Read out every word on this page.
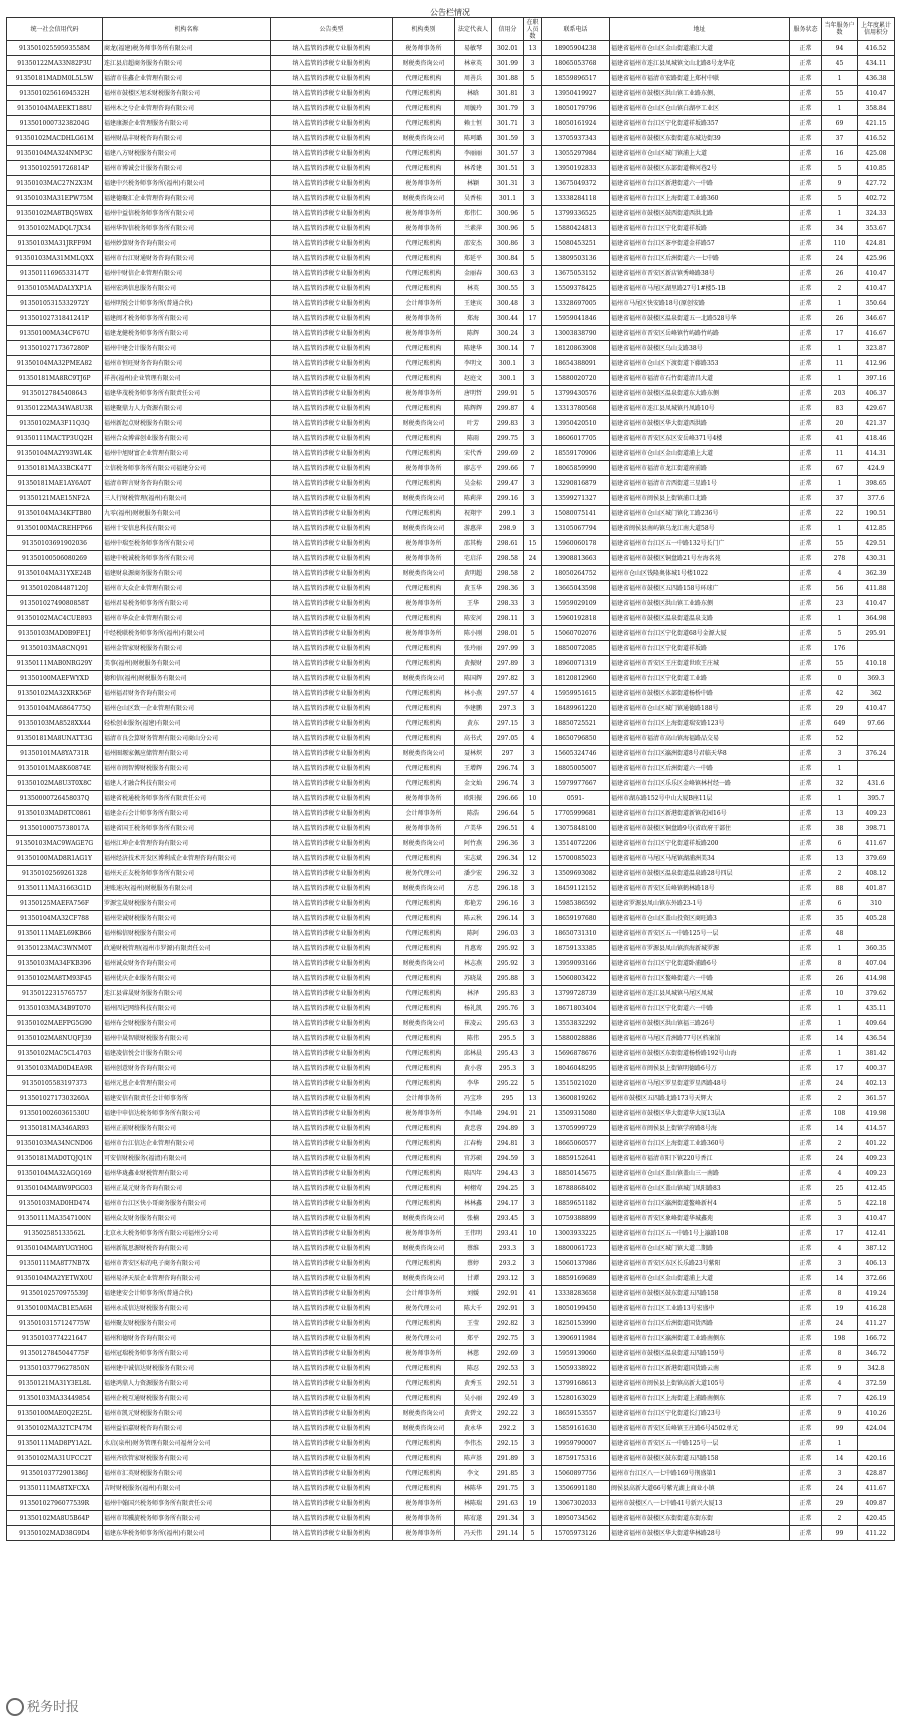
公告栏情况
统一社会信用代码	机构名称	公告类型	机构类别	法定代表人	信用分	在职人员数	联系电话	地址	服务状态	当年服务户数	上年度累计信用积分
91350102559593558M	商龙(福建)税务师事务所有限公司	纳入监管的涉税专业服务机构	税务师事务所	易敏琴	302.01	13	18905904238	福建省福州市仓山区金山街道浦江大道	正常	94	416.52
91350122MA33N82P3U	连江县启超商务服务有限公司	纳入监管的涉税专业服务机构	财税类咨询公司	林章英	301.99	3	18065053768	福建省福州市连江县凤城镇文山北路8号龙华花	正常	45	434.11
91350181MADM0L5L5W	福清市佳鑫企业管理有限公司	纳入监管的涉税专业服务机构	代理记账机构	周善兵	301.88	5	18559896517	福建省福州市福清市宏路街道上郑村中联	正常	1	436.38
91350102561694532H	福州市鼓楼区旭禾财税服务有限公司	纳入监管的涉税专业服务机构	代理记账机构	林晗	301.81	3	13950419927	福建省福州市鼓楼区洪山镇工业路东侧、	正常	55	410.47
91350104MAEEKT188U	福州木之兮企业管理咨询有限公司	纳入监管的涉税专业服务机构	代理记账机构	周毓玲	301.79	3	18050179796	福建省福州市仓山区仓山镇白湖亭工业区	正常	1	358.84
91350100073238204G	福建康源企业管理服务有限公司	纳入监管的涉税专业服务机构	代理记账机构	赖士恒	301.71	3	18050161924	福建省福州市台江区宁化街道祥坂路357	正常	69	421.15
91350102MACDHLG61M	福州财晶丰财税咨询有限公司	纳入监管的涉税专业服务机构	财税类咨询公司	陈珂璐	301.59	3	13705937343	福建省福州市鼓楼区东街街道东城边街39	正常	37	416.52
91350104MA324NMP3C	福建八方财税服务有限公司	纳入监管的涉税专业服务机构	代理记账机构	李丽丽	301.57	3	13055297984	福建省福州市仓山区城门镇浦上大道	正常	16	425.08
91350102591726814P	福州市博诚会计服务有限公司	纳入监管的涉税专业服务机构	代理记账机构	林希建	301.51	3	13950192833	福建省福州市鼓楼区东部街道柳河巷2号	正常	5	410.85
91350103MAC27N2X3M	福建中兴税务师事务所(福州)有限公司	纳入监管的涉税专业服务机构	税务师事务所	林颖	301.31	3	13675049372	福建省福州市台江区新港街道六一中路	正常	9	427.72
91350103MA31EPW75M	福建德聚汇企业管理咨询有限公司	纳入监管的涉税专业服务机构	财税类咨询公司	吴香桂	301.1	3	13338284118	福建省福州市台江区上海街道工业路360	正常	5	402.72
91350102MA8TBQ5W8X	福州中益信税务师事务所有限公司	纳入监管的涉税专业服务机构	税务师事务所	郑伟仁	300.96	5	13799336525	福建省福州市鼓楼区鼓西街道西洪北路	正常	1	324.33
91350102MADQL7JX34	福州华智信税务师事务所有限公司	纳入监管的涉税专业服务机构	税务师事务所	兰素萍	300.96	5	15880424813	福建省福州市台江区宁化街道祥坂路	正常	34	353.67
91350103MA31JRFF9M	福州妙算财务咨询有限公司	纳入监管的涉税专业服务机构	代理记账机构	邵安杰	300.86	3	15080453251	福建省福州市台江区茶亭街道金祥路57	正常	110	424.81
91350103MA31MMLQXX	福州市台江财通财务咨询有限公司	纳入监管的涉税专业服务机构	代理记账机构	郑延平	300.84	5	13809503136	福建省福州市台江区后洲街道六一七中路	正常	24	425.96
91350111696533147T	福州中财信企业管理有限公司	纳入监管的涉税专业服务机构	代理记账机构	金丽春	300.63	3	13675053152	福建省福州市晋安区新店镇秀峰路38号	正常	26	410.47
91350105MADALYXP1A	福州宏鸿信息服务有限公司	纳入监管的涉税专业服务机构	代理记账机构	林英	300.55	3	15509378425	福建省福州市马尾区湖里路27号1#楼5-1B	正常	2	410.47
91350105315332972Y	福州明锐会计师事务所(普通合伙)	纳入监管的涉税专业服务机构	会计师事务所	王建宾	300.48	3	13328697005	福州市马尾区快安路18号(原创安路	正常	1	350.64
91350102731841241P	福建闽才税务师事务所有限公司	纳入监管的涉税专业服务机构	税务师事务所	郑海	300.44	17	15959041846	福建省福州市鼓楼区温泉街道五一北路528号华	正常	26	346.67
91350100MA34CF67U	福建龙健税务师事务所有限公司	纳入监管的涉税专业服务机构	税务师事务所	陈辉	300.24	3	13003838790	福建省福州市晋安区岳峰镇竹屿路竹屿路	正常	17	416.67
91350102717367280P	福州中建会计服务有限公司	纳入监管的涉税专业服务机构	代理记账机构	陈建华	300.14	7	18120863908	福建省福州市鼓楼区乌山支路38号	正常	1	323.87
91350104MA32PMEA82	福州市恒旺财务咨询有限公司	纳入监管的涉税专业服务机构	代理记账机构	李明文	300.1	3	18654388091	福建省福州市仓山区下渡街道下藤路353	正常	11	412.96
91350181MA8RC9TJ6P	祥善(福州)企业管理有限公司	纳入监管的涉税专业服务机构	代理记账机构	赵庭文	300.1	3	15880020720	福建省福州市福清市石竹街道清昌大道	正常	1	397.16
91350127845408643	福建华茂税务师事务所有限责任公司	纳入监管的涉税专业服务机构	税务师事务所	唐明哲	299.91	5	13799430576	福建省福州市鼓楼区温泉街道东大路东侧	正常	203	406.37
91350122MA34WA8U3R	福建聚鼎力人力资源有限公司	纳入监管的涉税专业服务机构	代理记账机构	陈辉辉	299.87	4	13313780568	福建省福州市连江县凤城镇丹凤路10号	正常	83	429.67
91350102MA3F11Q3Q	福州新起点财税服务有限公司	纳入监管的涉税专业服务机构	财税类咨询公司	叶芳	299.83	3	13950420510	福建省福州市鼓楼区华大街道西洪路	正常	20	421.37
91350111MACTP3UQ2H	福州合众博睿创业服务有限公司	纳入监管的涉税专业服务机构	代理记账机构	陈雨	299.75	3	18606017705	福建省福州市晋安区东区安岳峰371号4楼	正常	41	418.46
91350104MA2Y93WL4K	福州中旭财富企业管理有限公司	纳入监管的涉税专业服务机构	代理记账机构	宋代香	299.69	2	18559170906	福建省福州市仓山区金山街道浦上大道	正常	11	414.31
91350181MA33BCK47T	立信税务师事务所有限公司福建分公司	纳入监管的涉税专业服务机构	税务师事务所	廖志平	299.66	7	18065859990	福建省福州市福清市龙江街道府前路	正常	67	424.9
91350181MAE1AY6A0T	福清市晖言财务咨询有限公司	纳入监管的涉税专业服务机构	代理记账机构	吴金标	299.47	3	13290816879	福建省福州市福清市音西街道三星路1号	正常	1	398.65
91350121MAE15NF2A	三人行财税管理(福州)有限公司	纳入监管的涉税专业服务机构	财税类咨询公司	陈莉萍	299.16	3	13599271327	福建省福州市闽侯县上街镇浦口北路	正常	37	377.6
91350104MA34KFTB80	九零(福州)财税服务有限公司	纳入监管的涉税专业服务机构	代理记账机构	祝翔宇	299.1	3	15080075141	福建省福州市仓山区城门镇化工路236号	正常	22	190.51
91350100MACREHFP66	福州十安信息科技有限公司	纳入监管的涉税专业服务机构	财税类咨询公司	游惠萍	298.9	3	13105067794	福建省闽侯县南屿镇乌龙江南大道58号	正常	1	412.85
91350103691902036	福州中瑞至税务师事务所有限公司	纳入监管的涉税专业服务机构	税务师事务所	邵其梅	298.61	15	15960060178	福建省福州市台江区五一中路132号长门广	正常	55	429.51
91350100506080269	福建中税诚税务师事务所有限公司	纳入监管的涉税专业服务机构	税务师事务所	宅启洋	298.58	24	13908813663	福建省福州市鼓楼区铜盘路21号左海名苑	正常	278	430.31
91350104MA31YXE24B	福建财泉源商务服务有限公司	纳入监管的涉税专业服务机构	财税类咨询公司	黄明超	298.58	2	18050264752	福州市仓山区钱隆奥体城1号楼1022	正常	4	362.39
91350102084487120J	福州市大众企业管理有限公司	纳入监管的涉税专业服务机构	代理记账机构	黄玉华	298.36	3	13665043598	福建省福州市鼓楼区五四路158号环球广	正常	56	411.88
91350102749080858T	福州君易税务师事务所有限公司	纳入监管的涉税专业服务机构	税务师事务所	王华	298.33	3	15959029109	福建省福州市鼓楼区洪山镇工业路东侧	正常	23	410.47
91350102MAC4CUE893	福州市华众企业管理有限公司	纳入监管的涉税专业服务机构	代理记账机构	陈安河	298.11	3	15960192818	福建省福州市鼓楼区温泉街道温泉支路	正常	1	364.98
91350103MAD0B9FE1J	中经税联税务师事务所(福州)有限公司	纳入监管的涉税专业服务机构	税务师事务所	陈小刚	298.01	5	15060702076	福建省福州市台江区宁化街道68号金源大厦	正常	5	295.91
91350103MA8CNQ91	福州金管家财税服务有限公司	纳入监管的涉税专业服务机构	代理记账机构	张玲丽	297.99	3	18850072085	福建省福州市台江区宁化街道祥坂路	正常	176	
91350111MAB0NRG29Y	美事(福州)财税服务有限公司	纳入监管的涉税专业服务机构	代理记账机构	黄振财	297.89	3	18960071319	福建省福州市晋安区王庄街道世欧王庄城	正常	55	410.18
91350100MAEFWYXD	德和信(福州)财税服务有限公司	纳入监管的涉税专业服务机构	财税类咨询公司	陈国辉	297.82	3	18120812960	福建省福州市台江区宁化街道工业路	正常	0	369.3
91350102MA32XRK56F	福州福君财务咨询有限公司	纳入监管的涉税专业服务机构	代理记账机构	林小燕	297.57	4	15959951615	福建省福州市鼓楼区水部街道杨桥中路	正常	42	362
91350104MA6864775Q	福州仓山区致一企业管理有限公司	纳入监管的涉税专业服务机构	代理记账机构	李建鹏	297.3	3	18489961220	福建省福州市仓山区城门镇通德路188号	正常	29	410.47
91350103MA8528XX44	轻松创业服务(福建)有限公司	纳入监管的涉税专业服务机构	代理记账机构	黄东	297.15	3	18850725521	福建省福州市台江区上海街道瑞安路123号	正常	649	97.66
91350181MA8UNATT3G	福清市良会算财务管理有限公司商山分公司	纳入监管的涉税专业服务机构	代理记账机构	高书式	297.05	4	18650796850	福建省福州市福清市高山镇海福路品交易	正常	52	
91350101MA8YA731R	福州圈塬家佩应储管理有限公司	纳入监管的涉税专业服务机构	财税类咨询公司	聂林炽	297	3	15605324746	福建省福州市台江区瀛洲街道8号君临天华8	正常	3	376.24
91350101MA8K60874E	福州市闽智博财税服务有限公司	纳入监管的涉税专业服务机构	代理记账机构	王增辉	296.74	3	18805005007	福建省福州市台江区后洲街道六一中路	正常	1	
91350102MA8U3T0X8C	福建人才融合科技有限公司	纳入监管的涉税专业服务机构	代理记账机构	金文灿	296.74	3	15979977667	福建省福州市台江区乐乐区金峰镇林村经一路	正常	32	431.6
91350000726458037Q	福建省税通税务师事务所有限责任公司	纳入监管的涉税专业服务机构	税务师事务所	欧阳振	296.66	10	0591-	福州市湖东路152号中山大厦B座11层	正常	1	395.7
91350103MAD8TC0861	福建金石会计师事务所有限公司	纳入监管的涉税专业服务机构	会计师事务所	陈浩	296.64	5	17705999681	福建省福州市台江区新港街道新镇花园16号	正常	13	409.23
91350100075738017A	福建省国王税务师事务所有限公司	纳入监管的涉税专业服务机构	税务师事务所	卢美华	296.51	4	13075848100	福建省福州市鼓楼区铜盘路9号(省政府干部住	正常	38	398.71
91350103MAC9WAGE7G	福州江坤企业管理咨询有限公司	纳入监管的涉税专业服务机构	财税类咨询公司	阿竹燕	296.36	3	13514072206	福建省福州市台江区宁化街道祥坂路200	正常	6	411.67
91350100MAD8R1AG1Y	福州经济技术开发区博利成企业管理咨询有限公司	纳入监管的涉税专业服务机构	代理记账机构	宋志斌	296.34	12	15700085023	福建省福州市马尾区马尾镇湖浦洲美34	正常	13	379.69
91350102569261328	福州天正友税务师事务所有限公司	纳入监管的涉税专业服务机构	税务代理公司	潘少宏	296.32	3	13509693082	福建省福州市鼓楼区温泉街道温泉路28号四层	正常	2	408.12
91350111MA31663G1D	速账速决(福州)财税服务有限公司	纳入监管的涉税专业服务机构	财税类咨询公司	方忠	296.18	3	18459112152	福建省福州市晋安区岳峰镇鹤林路18号	正常	88	401.87
91350125MAEFA756F	罗源宝晟财税服务有限公司	纳入监管的涉税专业服务机构	代理记账机构	郑艳芳	296.16	3	15985386592	福建省罗源县凤山镇东外路23-1号	正常	6	310
91350104MA32CF788	福州荣诚财税服务有限公司	纳入监管的涉税专业服务机构	代理记账机构	陈云秋	296.14	3	18659197680	福建省福州市仓山区盖山投资区商旺路3	正常	35	405.28
91350111MAEL69KB66	福州棉信财税服务有限公司	纳入监管的涉税专业服务机构	代理记账机构	陈阿	296.03	3	18650731310	福建省福州市晋安区五一中路125号一层	正常	48	
91350123MAC3WNM0T	政通财税管理(福州市罗源)有限责任公司	纳入监管的涉税专业服务机构	代理记账机构	肖惠鸾	295.92	3	18759133385	福建省福州市罗源县凤山镇滨海新城罗源	正常	1	360.35
91350103MA34FKB396	福州诚众财务咨询有限公司	纳入监管的涉税专业服务机构	财税类咨询公司	林志燕	295.92	3	13959093166	福建省福州市台江区宁化街道卧浦路6号	正常	8	407.04
91350102MA8TM93F45	福州优庆企业服务有限公司	纳入监管的涉税专业服务机构	代理记账机构	苏晓晟	295.88	3	15060803422	福建省福州市台江区鳌峰街道六一中路	正常	26	414.98
91350122315765757	连江县睿晟财务服务有限公司	纳入监管的涉税专业服务机构	代理记账机构	林泽	295.83	3	13799728739	福建省福州市连江县风城镇马尾区凤城	正常	10	379.62
91350103MA34B9T070	福州四记网络科技有限公司	纳入监管的涉税专业服务机构	代理记账机构	杨礼凯	295.76	3	18671803404	福建省福州市台江区宁化街道六一中路	正常	1	435.11
91350102MAEFPG5G90	福州布会财税服务有限公司	纳入监管的涉税专业服务机构	财税类咨询公司	崔凌云	295.63	3	13553832292	福建省福州市鼓楼区洪山镇福三路26号	正常	1	409.64
91350102MA8NUQFJ39	福州中晟智联财税服务有限公司	纳入监管的涉税专业服务机构	代理记账机构	陈伟	295.5	3	15880028886	福建省福州市马尾区青洲路77号区档案馆	正常	14	436.54
91350102MAC5CL4703	福建凌信悦会计服务有限公司	纳入监管的涉税专业服务机构	代理记账机构	邱林晨	295.43	3	15696878676	福建省福州市鼓楼区东街街道杨桥路192号山海	正常	1	381.42
91350103MAD0D4EA9R	福州创意财务咨询有限公司	纳入监管的涉税专业服务机构	代理记账机构	黄小蓉	295.3	3	18046048295	福建省福州市闽侯县上街镇明德路6号万	正常	17	400.37
91350105583197373	福州元恩企业管理有限公司	纳入监管的涉税专业服务机构	代理记账机构	李华	295.22	5	13515021020	福建省福州市马尾区罗星街道罗星西路48号	正常	24	402.13
91350102717303260A	福建安信有限责任会计师事务所	纳入监管的涉税专业服务机构	会计师事务所	冯宝珍	295	13	13600819262	福州市鼓楼区五四路北路173号天辉大	正常	2	361.57
91350100260361530U	福建中申信达税务师事务所有限公司	纳入监管的涉税专业服务机构	税务师事务所	李昌峰	294.91	21	13509315080	福建省福州市鼓楼区华大街道华大厦13层A	正常	108	419.98
91350181MA346AR93	福州正前财税服务有限公司	纳入监管的涉税专业服务机构	代理记账机构	黄忠蓉	294.89	3	13705999729	福建省福州市闽侯县上街镇学府路8号海	正常	14	414.57
91350103MA34NCND06	福州市台江信达企业管理有限公司	纳入监管的涉税专业服务机构	代理记账机构	江春梅	294.81	3	18665060577	福建省福州市台江区上海街道工业路360号	正常	2	401.22
91350181MAD0TQJQ1N	可安信财税服务(福清)有限公司	纳入监管的涉税专业服务机构	代理记账机构	官苏硕	294.59	3	18859152641	福建省福州市福清市阳下镇220号香江	正常	24	409.23
91350104MA32AGQ169	福州华珑鑫业财税管理有限公司	纳入监管的涉税专业服务机构	代理记账机构	陈四年	294.43	3	18850145675	福建省福州市仓山区盖山镇盖山三一南路	正常	4	409.23
91350104MA8W9PGG03	福州正晟元财务咨询有限公司	纳入监管的涉税专业服务机构	代理记账机构	柯栩莺	294.25	3	18788868402	福建省福州市仓山区盖山镇城门凤阳路83	正常	25	412.45
91350103MAD0HD474	福州市台江区快小哥商务服务有限公司	纳入监管的涉税专业服务机构	代理记账机构	林林鑫	294.17	3	18859651182	福建省福州市台江区瀛洲街道鳌峰新村4	正常	5	422.18
91350111MA3547100N	福州众友财务服务有限公司	纳入监管的涉税专业服务机构	财税类咨询公司	张楠	293.45	3	10759388899	福建省福州市晋安区象峰街道华城鑫苑	正常	3	410.47
913502585133562L	北京永大税务师事务所有限公司福州分公司	纳入监管的涉税专业服务机构	税务师事务所	王伟明	293.41	10	13003933225	福建省福州市台江区五一中路1号上瀛路108	正常	17	412.41
91350104MA8YUGYH0G	福州新航思源财税咨询有限公司	纳入监管的涉税专业服务机构	财税类咨询公司	蔡维	293.3	3	18800061723	福建省福州市仓山区城门镇大道二期路	正常	4	387.12
91350111MA8T7NB7X	福州市普安区标的电子商务有限公司	纳入监管的涉税专业服务机构	代理记账机构	蔡婷	293.2	3	15060137986	福建省福州市晋安区东区长乐路23号紫阳	正常	3	406.13
91350104MA2YETWX0U	福州易泽天辰企业管理咨询有限公司	纳入监管的涉税专业服务机构	财税类咨询公司	甘谭	293.12	3	18859169689	福建省福州市仓山区金山街道浦上大道	正常	14	372.66
91350102570975539J	福建建安会计师事务所(普通合伙)	纳入监管的涉税专业服务机构	会计师事务所	刘媛	292.91	41	13338283658	福建省福州市鼓楼区鼓东街道五四路158	正常	8	419.24
91350100MACB1E5A6H	福州永成信达财税服务有限公司	纳入监管的涉税专业服务机构	税务代理公司	陈大千	292.91	3	18050199450	福建省福州市台江区工业路13号宏盛中	正常	19	416.28
91350103157124775W	福州聚友财税服务有限公司	纳入监管的涉税专业服务机构	代理记账机构	王莹	292.82	3	18250153990	福建省福州市台江区后洲街道国货西路	正常	24	411.27
91350103774221647	福州和德财务咨询有限公司	纳入监管的涉税专业服务机构	税务代理公司	郑平	292.75	3	13906911984	福建省福州市台江区瀛洲街道工业路南侧东	正常	198	166.72
91350127845044775F	福州冠瑞税务师事务所有限公司	纳入监管的涉税专业服务机构	税务师事务所	林慈	292.69	3	15959139060	福建省福州市鼓楼区温泉街道五四路159号	正常	8	346.72
91350103779627850N	福州建中诚信达财税服务有限公司	纳入监管的涉税专业服务机构	代理记账机构	陈忍	292.53	3	15059338922	福建省福州市台江区新港街道国货路云南	正常	9	342.8
91350121MA31Y3EL8L	福建鸿鼎人力资源服务有限公司	纳入监管的涉税专业服务机构	代理记账机构	黄秀玉	292.51	3	13799168613	福建省福州市闽侯县上街镇高新大道105号	正常	4	372.59
91350103MA33449854	福州企税互通财税服务有限公司	纳入监管的涉税专业服务机构	代理记账机构	吴小丽	292.49	3	15280163029	福建省福州市台江区上海街道上浦路南侧东	正常	7	426.19
91350100MAE0Q2E25L	福州市凯元财税服务有限公司	纳入监管的涉税专业服务机构	财税类咨询公司	黄碧文	292.22	3	18659153557	福建省福州市台江区宁化街道长汀路23号	正常	9	410.26
91350102MA32TCP47M	福州益佰嘉财税咨询有限公司	纳入监管的涉税专业服务机构	财税类咨询公司	黄永华	292.2	3	15859161630	福建省福州市晋安区岳峰镇王庄路6号4502单元	正常	99	424.04
91350111MAD8PY1A2L	水启(泉州)财务管理有限公司福州分公司	纳入监管的涉税专业服务机构	代理记账机构	李伟杰	292.15	3	19959790007	福建省福州市晋安区五一中路125号一层	正常	1	
91350102MA31UFCC2T	福州齐欣管家财税服务有限公司	纳入监管的涉税专业服务机构	代理记账机构	陈声基	291.89	3	18759175316	福建省福州市鼓楼区鼓东街道五四路158	正常	14	420.16
91350103772901386J	福州市汇英财税服务有限公司	纳入监管的涉税专业服务机构	代理记账机构	李文	291.85	3	15060897756	福州市台江区八一七中路169号荆盛第1	正常	3	428.87
91350111MA8TXFCXA	吉时财税服务(福州)有限公司	纳入监管的涉税专业服务机构	代理记账机构	林陈华	291.75	3	13506991180	闽侯县高新大道66号紫光湖上商业小镇	正常	24	411.67
91350102796077539R	福州中翰国兴税务师事务所有限责任公司	纳入监管的涉税专业服务机构	税务师事务所	林陈瑞	291.63	19	13067302033	福州市鼓楼区八一七中路41号新兴大厦13	正常	29	409.87
91350102MA8U5B64P	福州市邦骥旋税务师事务所有限公司	纳入监管的涉税专业服务机构	税务师事务所	陈宥遂	291.34	3	18950734562	福建省福州市鼓楼区东街街道东街东街	正常	2	420.45
91350102MAD38G9D4	福建东华税务师事务所(福州)有限公司	纳入监管的涉税专业服务机构	税务师事务所	冯天伟	291.14	5	15705973126	福建省福州市鼓楼区华大街道华林路28号	正常	99	411.22
税务时报
